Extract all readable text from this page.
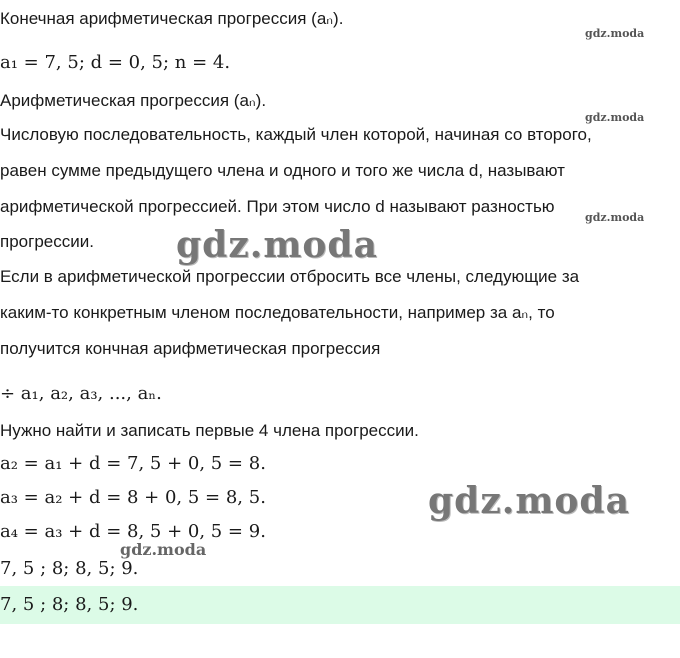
Конечная арифметическая прогрессия (aₙ).
a₁ = 7, 5; d = 0, 5; n = 4.
Арифметическая прогрессия (aₙ).
Числовую последовательность, каждый член которой, начиная со второго,
равен сумме предыдущего члена и одного и того же числа d, называют
арифметической прогрессией. При этом число d называют разностью
прогрессии.
Если в арифметической прогрессии отбросить все члены, следующие за
каким-то конкретным членом последовательности, например за aₙ, то
получится кончная арифметическая прогрессия
÷ a₁, a₂, a₃, ..., aₙ.
Нужно найти и записать первые 4 члена прогрессии.
a₂ = a₁ + d = 7, 5 + 0, 5 = 8.
a₃ = a₂ + d = 8 + 0, 5 = 8, 5.
a₄ = a₃ + d = 8, 5 + 0, 5 = 9.
7, 5 ; 8; 8, 5; 9.
7, 5 ; 8; 8, 5; 9.
gdz.moda
gdz.moda
gdz.moda
gdz.moda
gdz.moda
gdz.moda
